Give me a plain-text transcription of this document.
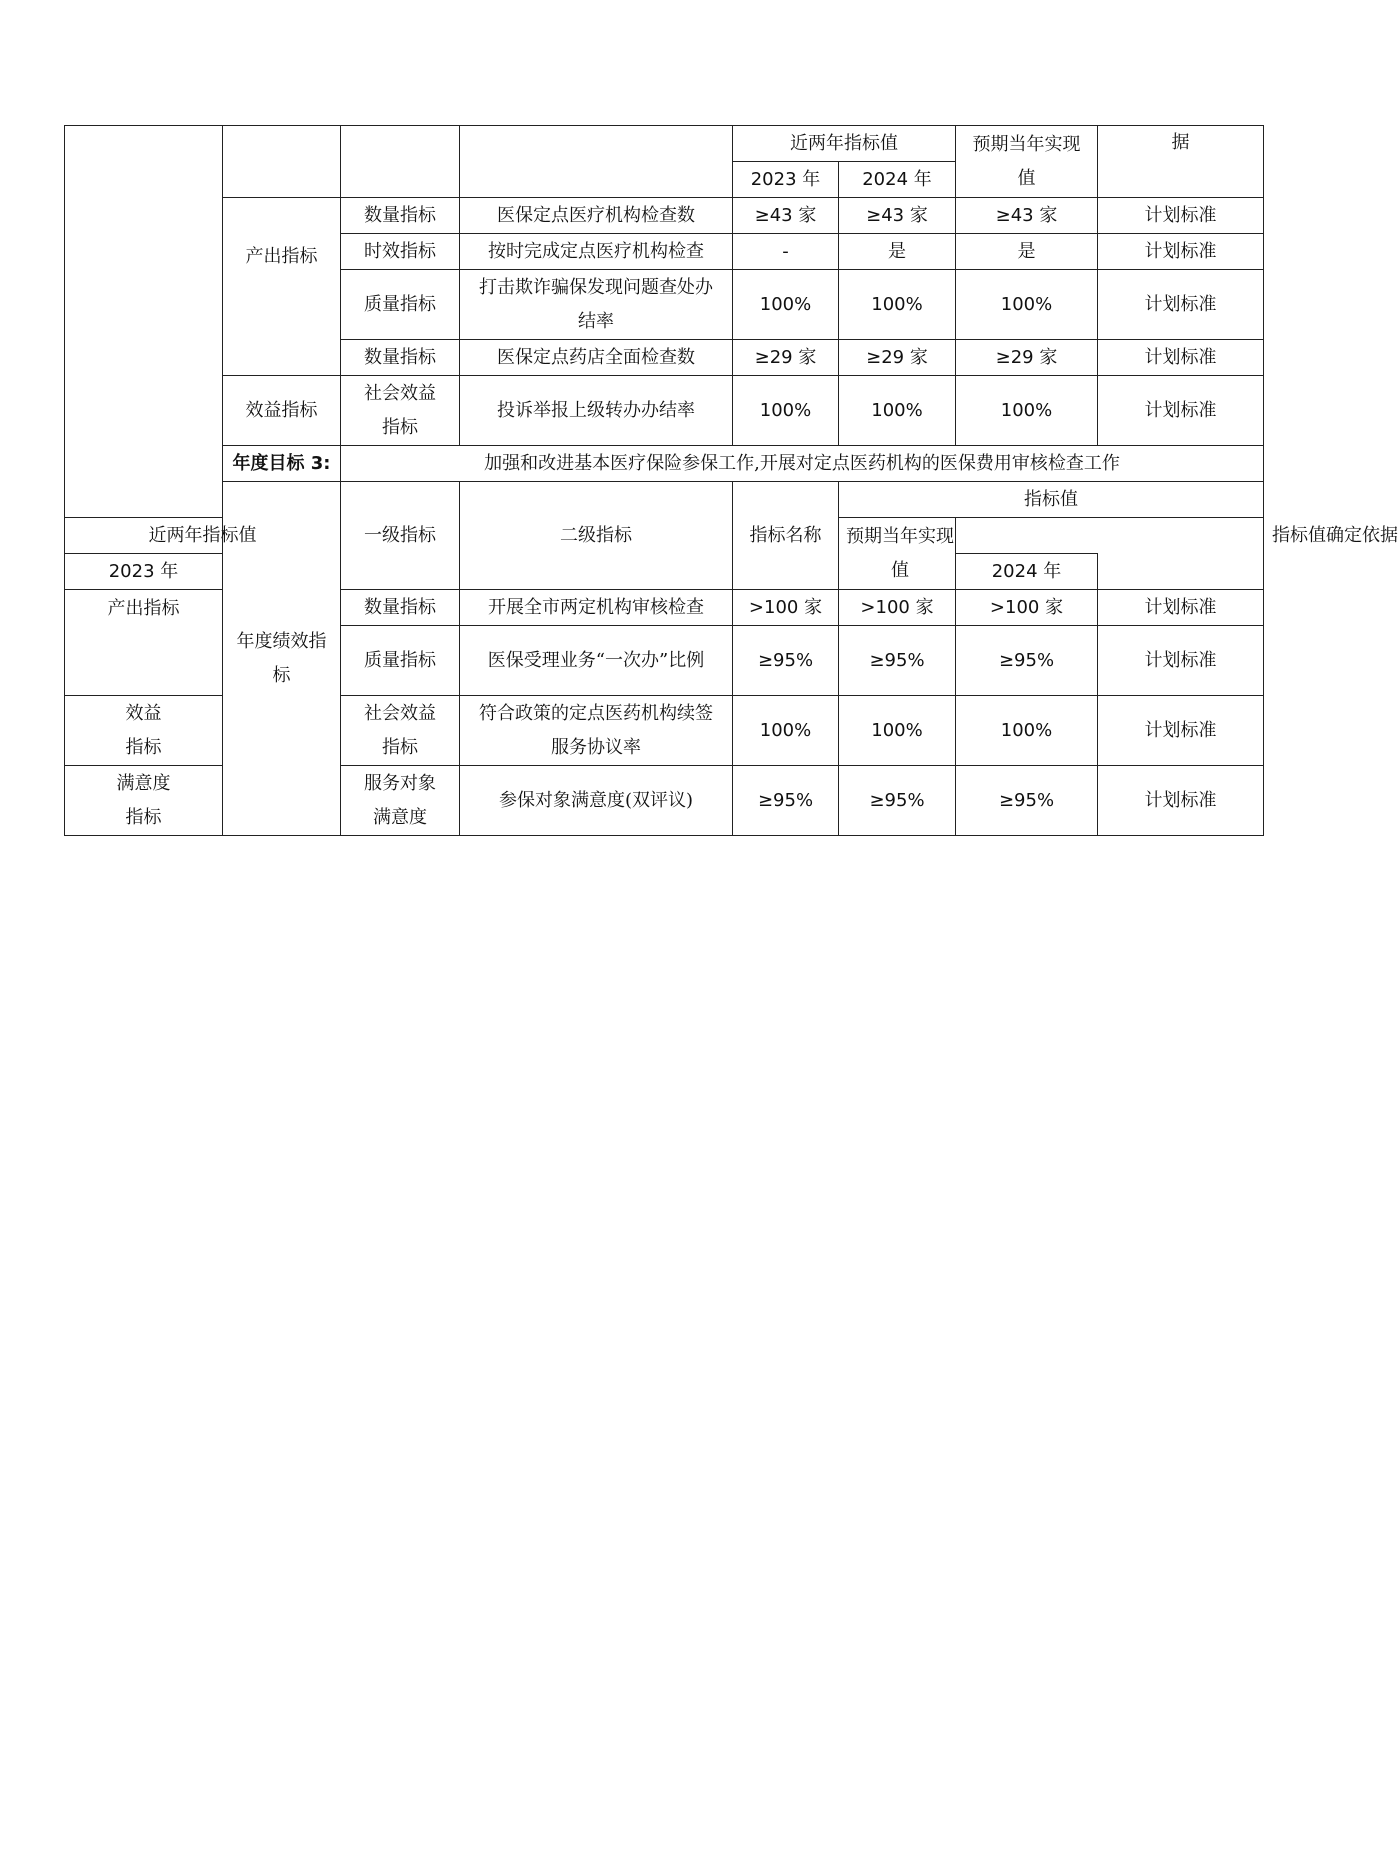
				近两年指标值		预期当年实现值	据	
				2023 年	2024 年			
	产出指标	数量指标	医保定点医疗机构检查数	≥43 家	≥43 家	≥43 家	计划标准	
		时效指标	按时完成定点医疗机构检查	-	是	是	计划标准	
		质量指标	打击欺诈骗保发现问题查处办结率	100%	100%	100%	计划标准	
		数量指标	医保定点药店全面检查数	≥29 家	≥29 家	≥29 家	计划标准	
	效益指标	社会效益指标	投诉举报上级转办办结率	100%	100%	100%	计划标准	
	年度目标 3:	加强和改进基本医疗保险参保工作,开展对定点医药机构的医保费用审核检查工作						
	年度绩效指标	一级指标	二级指标	指标名称	指标值			指标值确定依据
近两年指标值					预期当年实现值			
2023 年						2024 年		
产出指标		数量指标	开展全市两定机构审核检查	>100 家	>100 家	>100 家	计划标准	
		质量指标	医保受理业务“一次办”比例	≥95%	≥95%	≥95%	计划标准	
效益指标		社会效益指标	符合政策的定点医药机构续签服务协议率	100%	100%	100%	计划标准	
满意度指标		服务对象满意度	参保对象满意度(双评议)	≥95%	≥95%	≥95%	计划标准	
